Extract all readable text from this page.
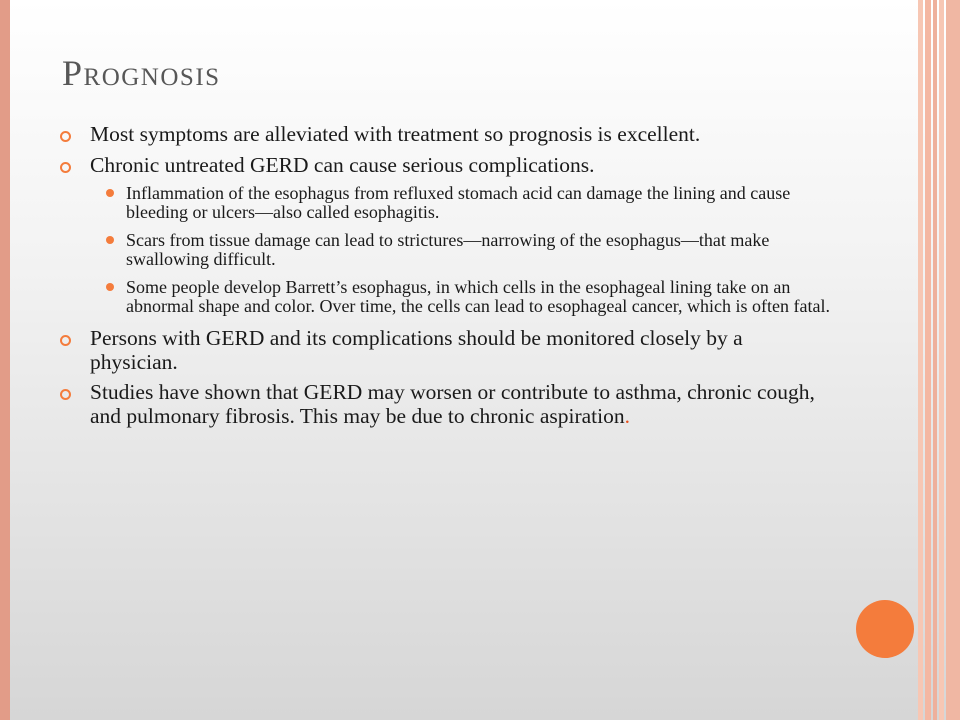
Prognosis
Most symptoms are alleviated with treatment so prognosis is excellent.
Chronic untreated GERD can cause serious complications.
Inflammation of the esophagus from refluxed stomach acid can damage the lining and cause bleeding or ulcers—also called esophagitis.
Scars from tissue damage can lead to strictures—narrowing of the esophagus—that make swallowing difficult.
Some people develop Barrett’s esophagus, in which cells in the esophageal lining take on an abnormal shape and color. Over time, the cells can lead to esophageal cancer, which is often fatal.
Persons with GERD and its complications should be monitored closely by a physician.
Studies have shown that GERD may worsen or contribute to asthma, chronic cough, and pulmonary fibrosis. This may be due to chronic aspiration.
